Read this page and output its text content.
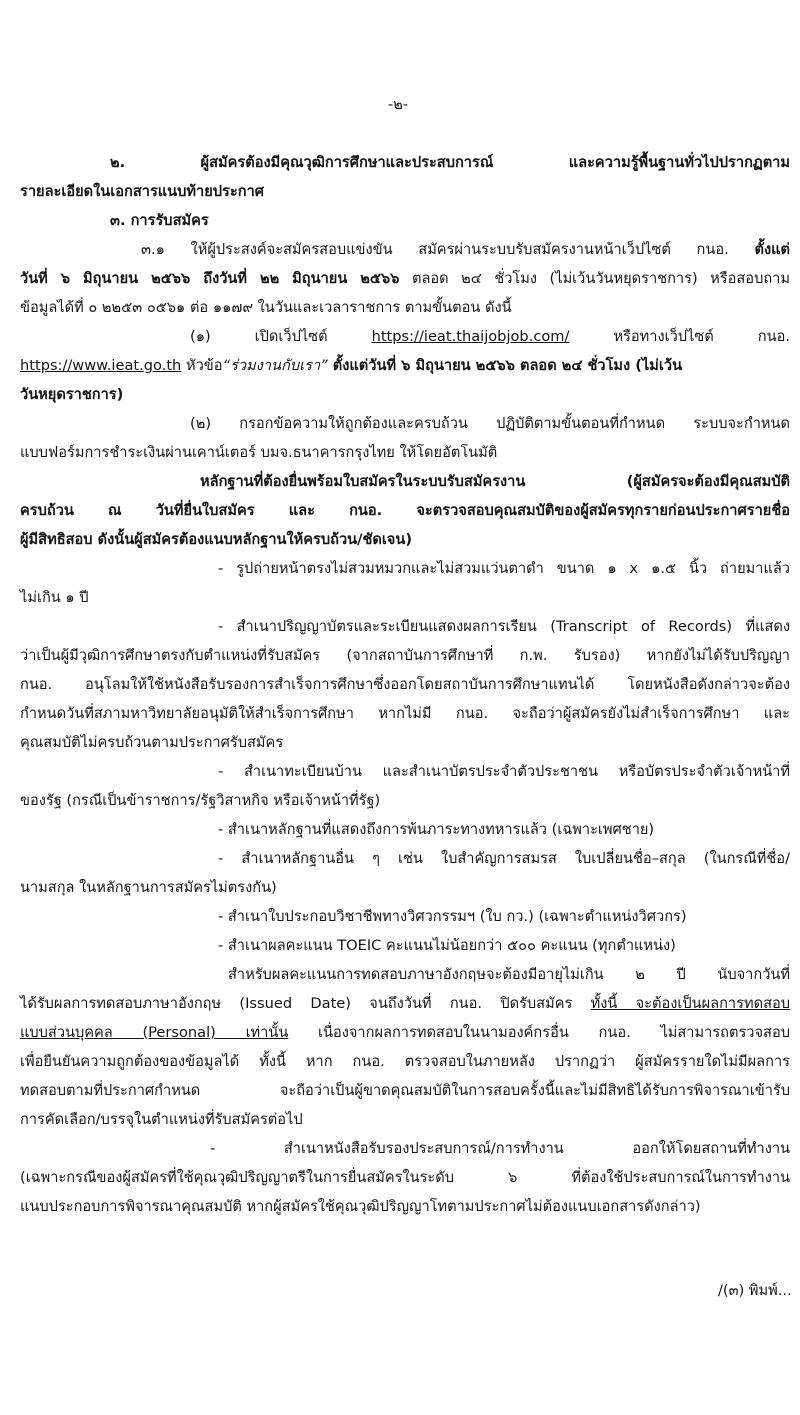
-๒-
๒. ผู้สมัครต้องมีคุณวุฒิการศึกษาและประสบการณ์ และความรู้พื้นฐานทั่วไปปรากฏตาม
รายละเอียดในเอกสารแนบท้ายประกาศ
๓. การรับสมัคร
๓.๑ ให้ผู้ประสงค์จะสมัครสอบแข่งขัน สมัครผ่านระบบรับสมัครงานหน้าเว็ปไซต์ กนอ. ตั้งแต่
วันที่ ๖ มิถุนายน ๒๕๖๖ ถึงวันที่ ๒๒ มิถุนายน ๒๕๖๖ ตลอด ๒๔ ชั่วโมง (ไม่เว้นวันหยุดราชการ) หรือสอบถาม
ข้อมูลได้ที่ ๐ ๒๒๕๓ ๐๕๖๑ ต่อ ๑๑๗๙ ในวันและเวลาราชการ ตามขั้นตอน ดังนี้
(๑) เปิดเว็ปไซต์	https://ieat.thaijobjob.com/	หรือทางเว็ปไซต์ กนอ.
https://www.ieat.go.th หัวข้อ“ร่วมงานกับเรา” ตั้งแต่วันที่ ๖ มิถุนายน ๒๕๖๖ ตลอด ๒๔ ชั่วโมง (ไม่เว้น
วันหยุดราชการ)
(๒) กรอกข้อความให้ถูกต้องและครบถ้วน ปฏิบัติตามขั้นตอนที่กำหนด ระบบจะกำหนด
แบบฟอร์มการชำระเงินผ่านเคาน์เตอร์ บมจ.ธนาคารกรุงไทย ให้โดยอัตโนมัติ
หลักฐานที่ต้องยื่นพร้อมใบสมัครในระบบรับสมัครงาน (ผู้สมัครจะต้องมีคุณสมบัติ
ครบถ้วน ณ วันที่ยื่นใบสมัคร และ กนอ. จะตรวจสอบคุณสมบัติของผู้สมัครทุกรายก่อนประกาศรายชื่อ
ผู้มีสิทธิสอบ ดังนั้นผู้สมัครต้องแนบหลักฐานให้ครบถ้วน/ชัดเจน)
- รูปถ่ายหน้าตรงไม่สวมหมวกและไม่สวมแว่นตาดำ ขนาด ๑ x ๑.๕ นิ้ว ถ่ายมาแล้ว
ไม่เกิน ๑ ปี
- สำเนาปริญญาบัตรและระเบียนแสดงผลการเรียน (Transcript of Records) ที่แสดง
ว่าเป็นผู้มีวุฒิการศึกษาตรงกับตำแหน่งที่รับสมัคร (จากสถาบันการศึกษาที่ ก.พ. รับรอง) หากยังไม่ได้รับปริญญา
กนอ. อนุโลมให้ใช้หนังสือรับรองการสำเร็จการศึกษาซึ่งออกโดยสถาบันการศึกษาแทนได้ โดยหนังสือดังกล่าวจะต้อง
กำหนดวันที่สภามหาวิทยาลัยอนุมัติให้สำเร็จการศึกษา หากไม่มี กนอ. จะถือว่าผู้สมัครยังไม่สำเร็จการศึกษา และ
คุณสมบัติไม่ครบถ้วนตามประกาศรับสมัคร
- สำเนาทะเบียนบ้าน และสำเนาบัตรประจำตัวประชาชน หรือบัตรประจำตัวเจ้าหน้าที่
ของรัฐ (กรณีเป็นข้าราชการ/รัฐวิสาหกิจ หรือเจ้าหน้าที่รัฐ)
- สำเนาหลักฐานที่แสดงถึงการพ้นภาระทางทหารแล้ว (เฉพาะเพศชาย)
- สำเนาหลักฐานอื่น ๆ เช่น ใบสำคัญการสมรส ใบเปลี่ยนชื่อ–สกุล (ในกรณีที่ชื่อ/
นามสกุล ในหลักฐานการสมัครไม่ตรงกัน)
- สำเนาใบประกอบวิชาชีพทางวิศวกรรมฯ (ใบ กว.) (เฉพาะตำแหน่งวิศวกร)
- สำเนาผลคะแนน TOEIC คะแนนไม่น้อยกว่า ๕๐๐ คะแนน (ทุกตำแหน่ง)
สำหรับผลคะแนนการทดสอบภาษาอังกฤษจะต้องมีอายุไม่เกิน ๒ ปี นับจากวันที่
ได้รับผลการทดสอบภาษาอังกฤษ (Issued Date) จนถึงวันที่ กนอ. ปิดรับสมัคร ทั้งนี้ จะต้องเป็นผลการทดสอบ
แบบส่วนบุคคล (Personal) เท่านั้น เนื่องจากผลการทดสอบในนามองค์กรอื่น กนอ. ไม่สามารถตรวจสอบ
เพื่อยืนยันความถูกต้องของข้อมูลได้ ทั้งนี้ หาก กนอ. ตรวจสอบในภายหลัง ปรากฏว่า ผู้สมัครรายใดไม่มีผลการ
ทดสอบตามที่ประกาศกำหนด จะถือว่าเป็นผู้ขาดคุณสมบัติในการสอบครั้งนี้และไม่มีสิทธิได้รับการพิจารณาเข้ารับ
การคัดเลือก/บรรจุในตำแหน่งที่รับสมัครต่อไป
- สำเนาหนังสือรับรองประสบการณ์/การทำงาน ออกให้โดยสถานที่ทำงาน
(เฉพาะกรณีของผู้สมัครที่ใช้คุณวุฒิปริญญาตรีในการยื่นสมัครในระดับ ๖ ที่ต้องใช้ประสบการณ์ในการทำงาน
แนบประกอบการพิจารณาคุณสมบัติ หากผู้สมัครใช้คุณวุฒิปริญญาโทตามประกาศไม่ต้องแนบเอกสารดังกล่าว)
/(๓) พิมพ์...
